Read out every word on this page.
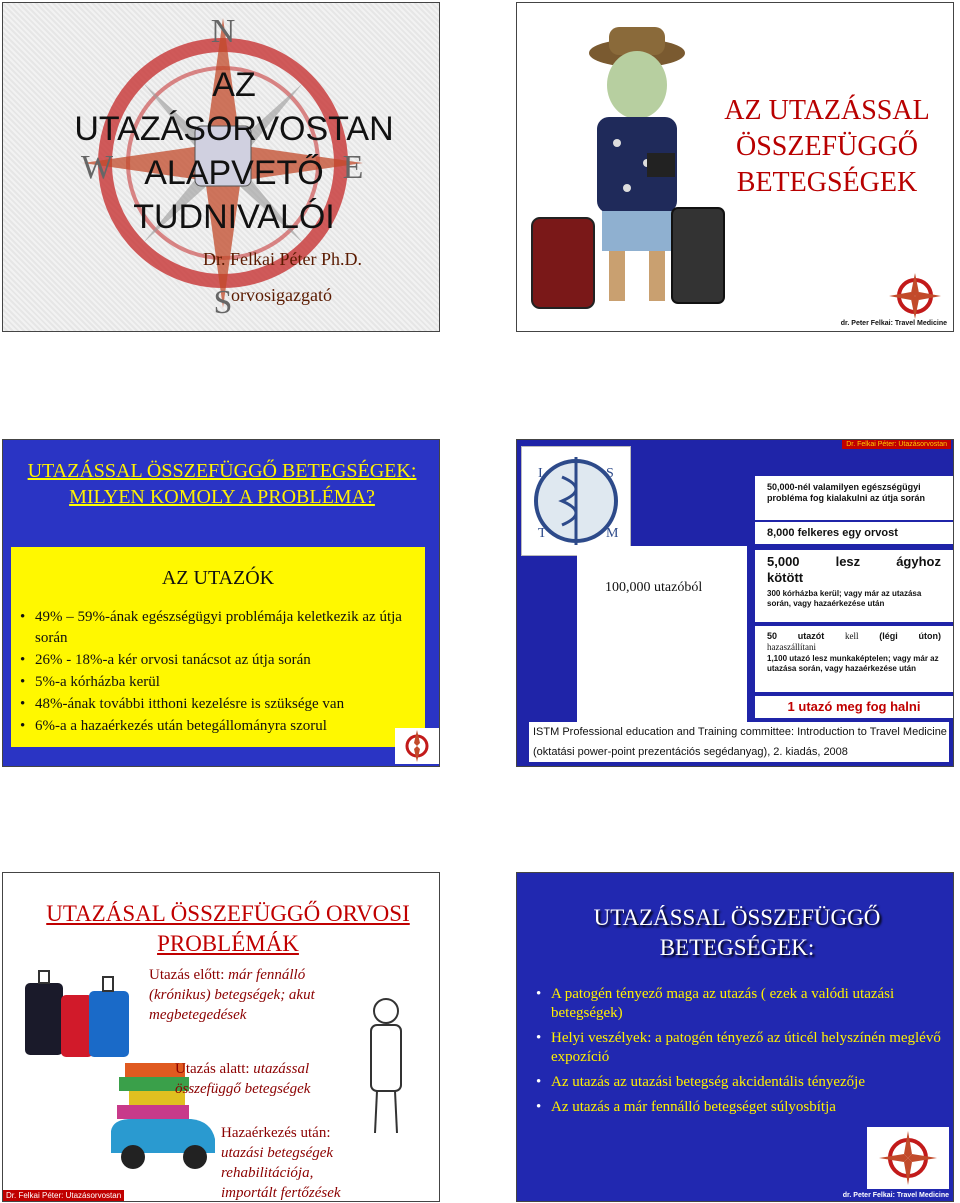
N
W	E
S
AZ UTAZÁSORVOSTAN ALAPVETŐ TUDNIVALÓI
Dr. Felkai Péter Ph.D.
orvosigazgató
AZ UTAZÁSSAL ÖSSZEFÜGGŐ BETEGSÉGEK
dr. Peter Felkai: Travel Medicine
UTAZÁSSAL ÖSSZEFÜGGŐ BETEGSÉGEK: MILYEN KOMOLY A PROBLÉMA?
AZ UTAZÓK
• 49% – 59%-ának egészségügyi problémája keletkezik az útja során
• 26% - 18%-a kér orvosi tanácsot az útja során
• 5%-a kórházba kerül
• 48%-ának további itthoni kezelésre is szüksége van
• 6%-a a hazaérkezés után betegállományra szorul
Dr. Felkai Péter: Utazásorvostan
I	S
T	M
100,000 utazóból
50,000-nél valamilyen egészségügyi probléma fog kialakulni az útja során
8,000 felkeres egy orvost
5,000	lesz	ágyhoz
kötött
300 kórházba kerül; vagy már az utazása során, vagy hazaérkezése után
50 utazót kell (légi úton)
hazaszállítani
1,100 utazó lesz munkaképtelen; vagy már az utazása során, vagy hazaérkezése után
1 utazó meg fog halni
ISTM Professional education and Training committee: Introduction to Travel Medicine (oktatási power-point prezentációs segédanyag), 2. kiadás, 2008
UTAZÁSAL ÖSSZEFÜGGŐ ORVOSI PROBLÉMÁK
Utazás előtt: már fennálló (krónikus) betegségek; akut megbetegedések
Utazás alatt: utazással összefüggő betegségek
Hazaérkezés után: utazási betegségek rehabilitációja, importált fertőzések
Dr. Felkai Péter: Utazásorvostan
UTAZÁSSAL ÖSSZEFÜGGŐ BETEGSÉGEK:
• A patogén tényező maga az utazás ( ezek a valódi utazási betegségek)
• Helyi veszélyek: a patogén tényező az úticél helyszínén meglévő expozíció
• Az utazás az utazási betegség akcidentális tényezője
• Az utazás a már fennálló betegséget súlyosbítja
dr. Peter Felkai: Travel Medicine
